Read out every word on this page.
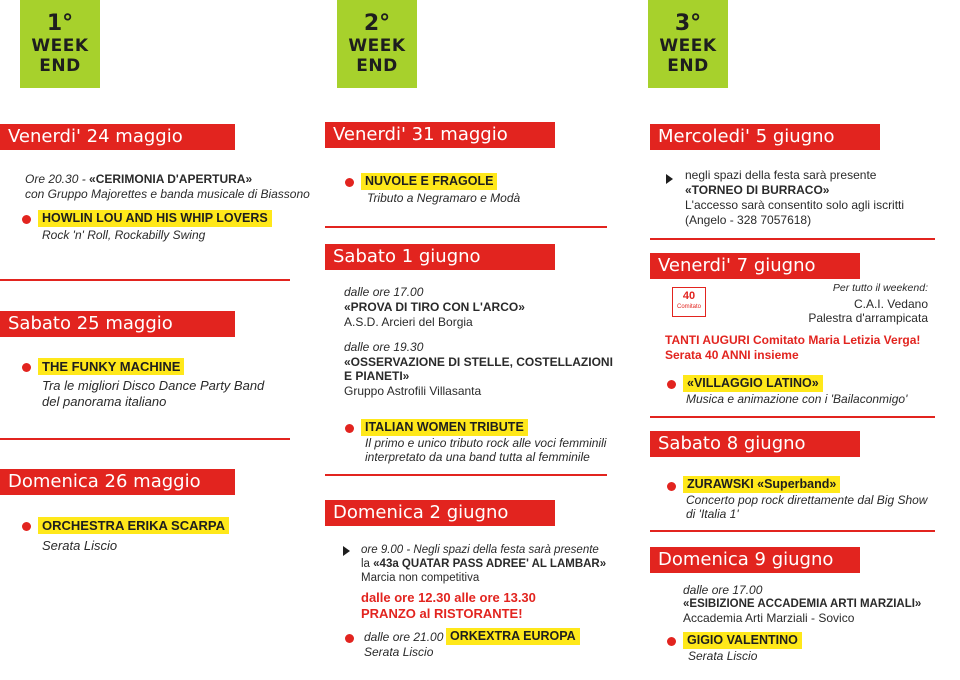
1°
WEEK
END
2°
WEEK
END
3°
WEEK
END
Venerdi' 24 maggio
Ore 20.30 - «CERIMONIA D'APERTURA»
con Gruppo Majorettes e banda musicale di Biassono
HOWLIN LOU AND HIS WHIP LOVERS
Rock 'n' Roll, Rockabilly Swing
Sabato 25 maggio
THE FUNKY MACHINE
Tra le migliori Disco Dance Party Band
del panorama italiano
Domenica 26 maggio
ORCHESTRA ERIKA SCARPA
Serata Liscio
Venerdi' 31 maggio
NUVOLE E FRAGOLE
Tributo a Negramaro e Modà
Sabato 1 giugno
dalle ore 17.00
«PROVA DI TIRO CON L'ARCO»
A.S.D. Arcieri del Borgia
dalle ore 19.30
«OSSERVAZIONE DI STELLE, COSTELLAZIONI
E PIANETI»
Gruppo Astrofili Villasanta
ITALIAN WOMEN TRIBUTE
Il primo e unico tributo rock alle voci femminili
interpretato da una band tutta al femminile
Domenica 2 giugno
ore 9.00 - Negli spazi della festa sarà presente
la «43a QUATAR PASS ADREE' AL LAMBAR»
Marcia non competitiva
dalle ore 12.30 alle ore 13.30
PRANZO al RISTORANTE!
dalle ore 21.00 ORKEXTRA EUROPA
Serata Liscio
Mercoledi' 5 giugno
negli spazi della festa sarà presente
«TORNEO DI BURRACO»
L'accesso sarà consentito solo agli iscritti
(Angelo - 328 7057618)
Venerdi' 7 giugno
40
Comitato
Per tutto il weekend:
C.A.I. Vedano
Palestra d'arrampicata
TANTI AUGURI Comitato Maria Letizia Verga!
Serata 40 ANNI insieme
«VILLAGGIO LATINO»
Musica e animazione con i 'Bailaconmigo'
Sabato 8 giugno
ZURAWSKI «Superband»
Concerto pop rock direttamente dal Big Show
di 'Italia 1'
Domenica 9 giugno
dalle ore 17.00
«ESIBIZIONE ACCADEMIA ARTI MARZIALI»
Accademia Arti Marziali - Sovico
GIGIO VALENTINO
Serata Liscio
